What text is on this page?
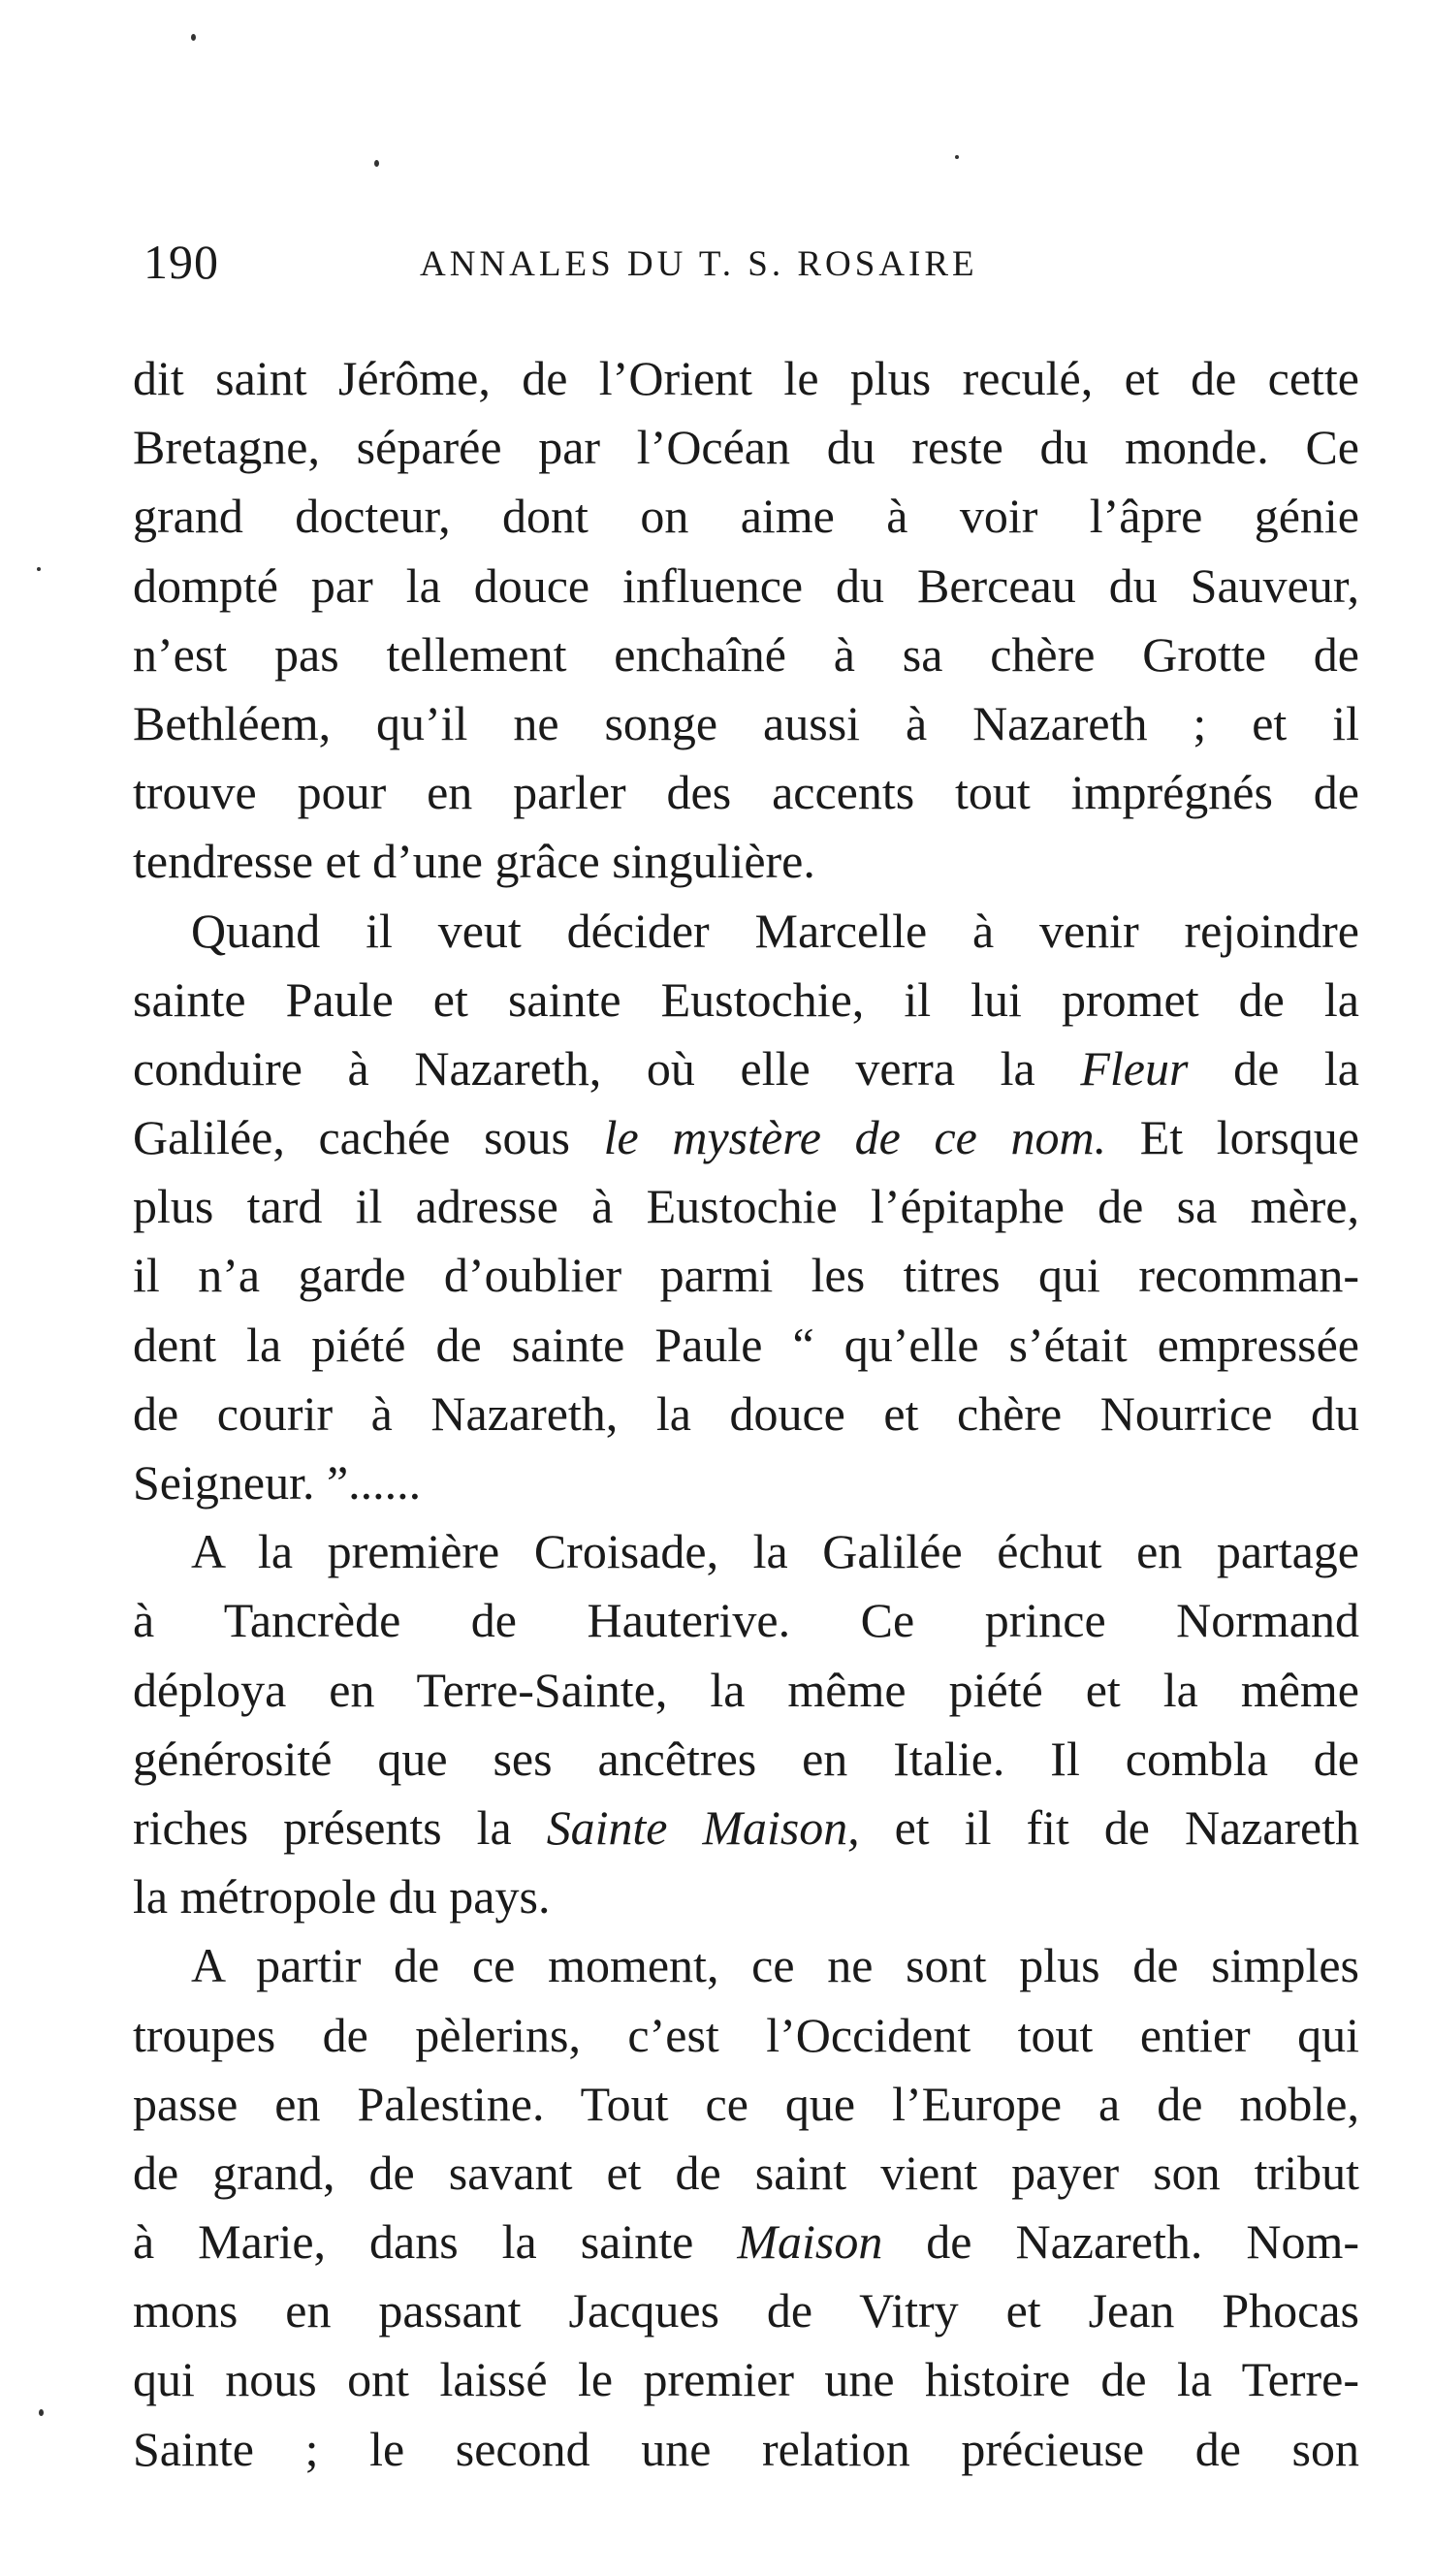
190	ANNALES DU T. S. ROSAIRE
dit saint Jérôme, de l’Orient le plus reculé, et de cette
Bretagne, séparée par l’Océan du reste du monde. Ce
grand docteur, dont on aime à voir l’âpre génie
dompté par la douce influence du Berceau du Sauveur,
n’est pas tellement enchaîné à sa chère Grotte de
Bethléem, qu’il ne songe aussi à Nazareth ; et il
trouve pour en parler des accents tout imprégnés de
tendresse et d’une grâce singulière.
Quand il veut décider Marcelle à venir rejoindre
sainte Paule et sainte Eustochie, il lui promet de la
conduire à Nazareth, où elle verra la Fleur de la
Galilée, cachée sous le mystère de ce nom. Et lorsque
plus tard il adresse à Eustochie l’épitaphe de sa mère,
il n’a garde d’oublier parmi les titres qui recomman-
dent la piété de sainte Paule “ qu’elle s’était empressée
de courir à Nazareth, la douce et chère Nourrice du
Seigneur. ”......
A la première Croisade, la Galilée échut en partage
à Tancrède de Hauterive. Ce prince Normand
déploya en Terre-Sainte, la même piété et la même
générosité que ses ancêtres en Italie. Il combla de
riches présents la Sainte Maison, et il fit de Nazareth
la métropole du pays.
A partir de ce moment, ce ne sont plus de simples
troupes de pèlerins, c’est l’Occident tout entier qui
passe en Palestine. Tout ce que l’Europe a de noble,
de grand, de savant et de saint vient payer son tribut
à Marie, dans la sainte Maison de Nazareth. Nom-
mons en passant Jacques de Vitry et Jean Phocas
qui nous ont laissé le premier une histoire de la Terre-
Sainte ; le second une relation précieuse de son
